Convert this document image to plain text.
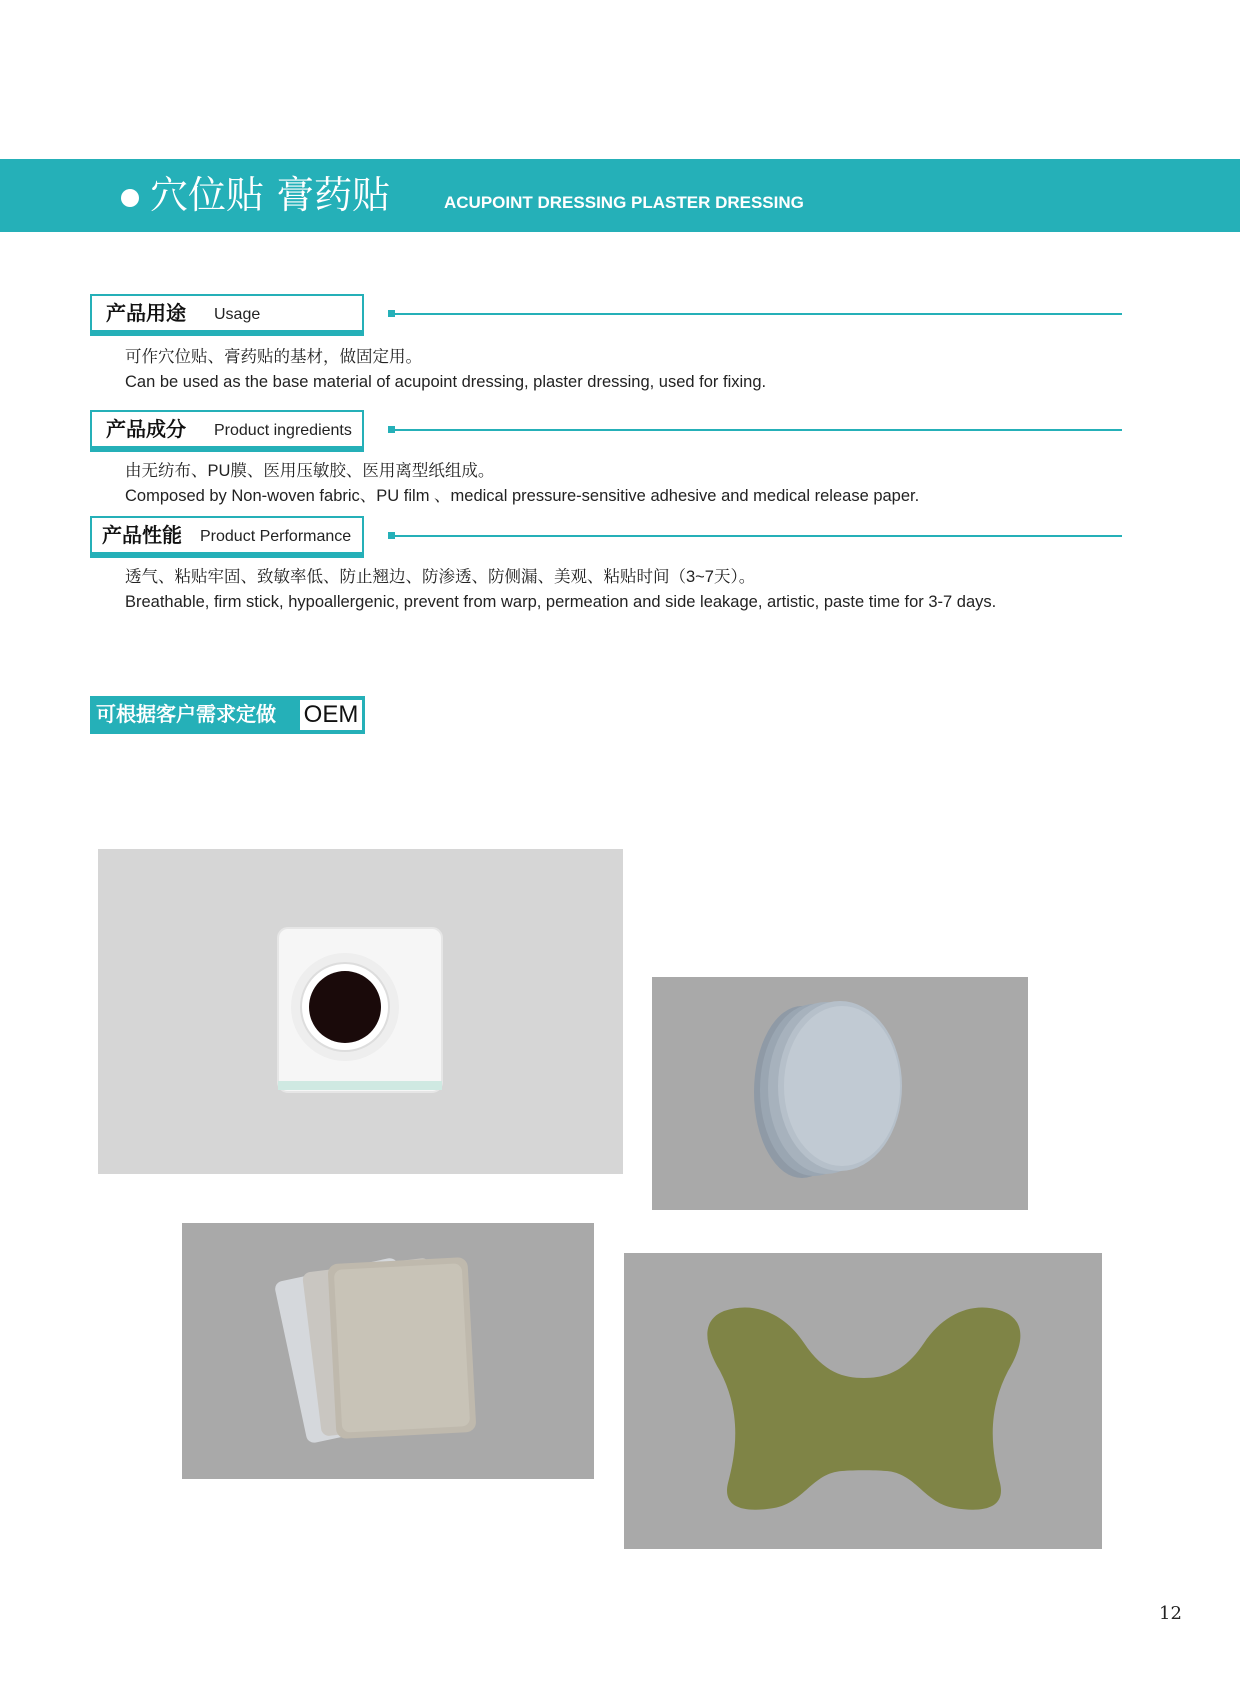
穴位贴 膏药贴	ACUPOINT DRESSING PLASTER DRESSING
产品用途 Usage
可作穴位贴、膏药贴的基材，做固定用。
Can be used as the base material of acupoint dressing, plaster dressing, used for fixing.
产品成分 Product ingredients
由无纺布、PU膜、医用压敏胶、医用离型纸组成。
Composed by Non-woven fabric、PU film 、medical pressure-sensitive adhesive and medical release paper.
产品性能 Product Performance
透气、粘贴牢固、致敏率低、防止翘边、防渗透、防侧漏、美观、粘贴时间（3~7天）。
Breathable, firm stick, hypoallergenic, prevent from warp, permeation and side leakage, artistic, paste time for 3-7 days.
可根据客户需求定做 OEM
12
